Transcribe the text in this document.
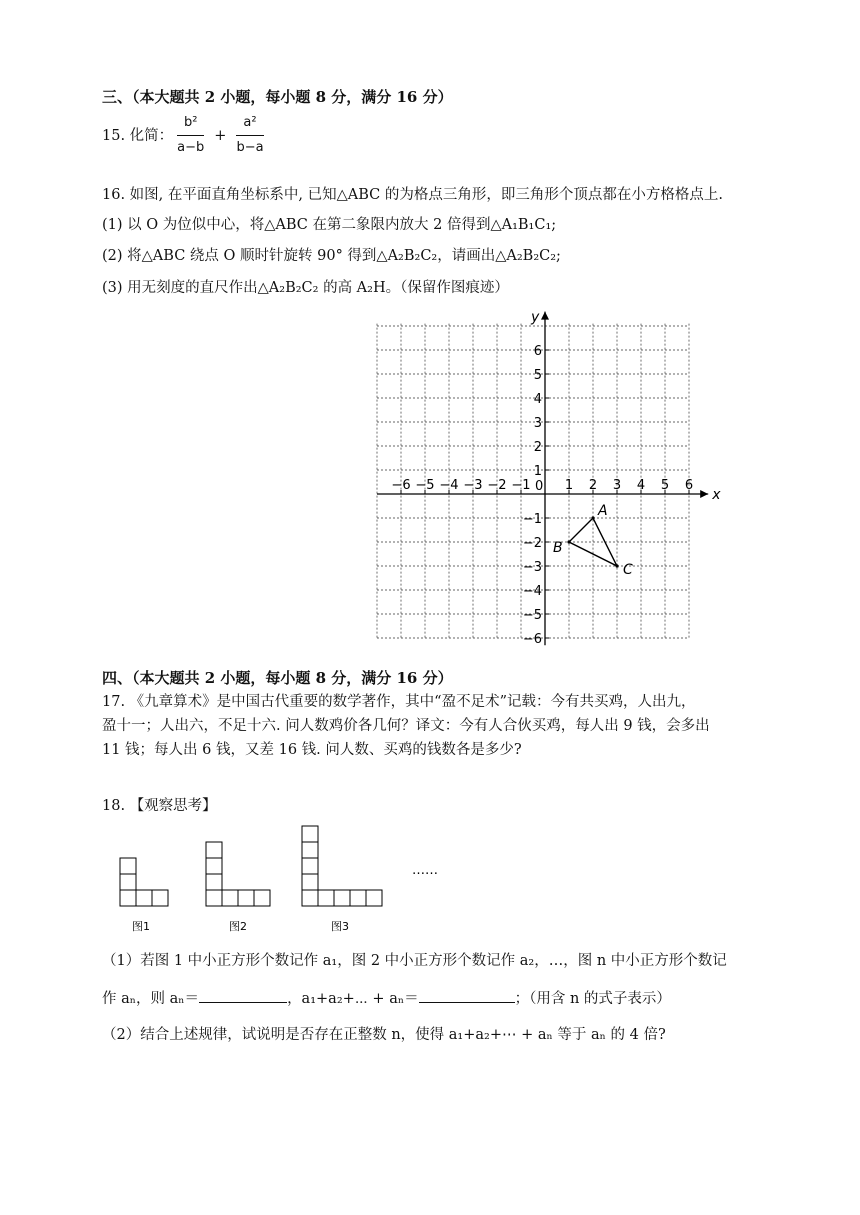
三、（本大题共 2 小题，每小题 8 分，满分 16 分）
15. 化简： $\frac{\text{b²}}{a-b} + \frac{\text{a²}}{b-a}$
16. 如图, 在平面直角坐标系中, 已知△ABC 的为格点三角形，即三角形个顶点都在小方格格点上.
(1) 以 O 为位似中心，将△ABC 在第二象限内放大 2 倍得到△A₁B₁C₁;
(2) 将△ABC 绕点 O 顺时针旋转 90° 得到△A₂B₂C₂，请画出△A₂B₂C₂;
(3) 用无刻度的直尺作出△A₂B₂C₂ 的高 A₂H。（保留作图痕迹）
x
y
−6 −5 −4 −3 −2 −1	1 2 3 4 5 6
6
5
4
3
2
1
−1
−2
−3
−4
−5
−6
0
A
B
C
四、（本大题共 2 小题，每小题 8 分，满分 16 分）
17. 《九章算术》是中国古代重要的数学著作，其中“盈不足术”记载：今有共买鸡，人出九，
盈十一；人出六，不足十六. 问人数鸡价各几何？译文：今有人合伙买鸡，每人出 9 钱，会多出
11 钱；每人出 6 钱，又差 16 钱. 问人数、买鸡的钱数各是多少?
18. 【观察思考】
图1	图2	图3
……
（1）若图 1 中小正方形个数记作 a₁，图 2 中小正方形个数记作 a₂，…，图 n 中小正方形个数记
作 aₙ，则 aₙ＝	，a₁+a₂+⋯ + aₙ＝	；（用含 n 的式子表示）
（2）结合上述规律，试说明是否存在正整数 n，使得 a₁+a₂+⋯ + aₙ 等于 aₙ 的 4 倍?
